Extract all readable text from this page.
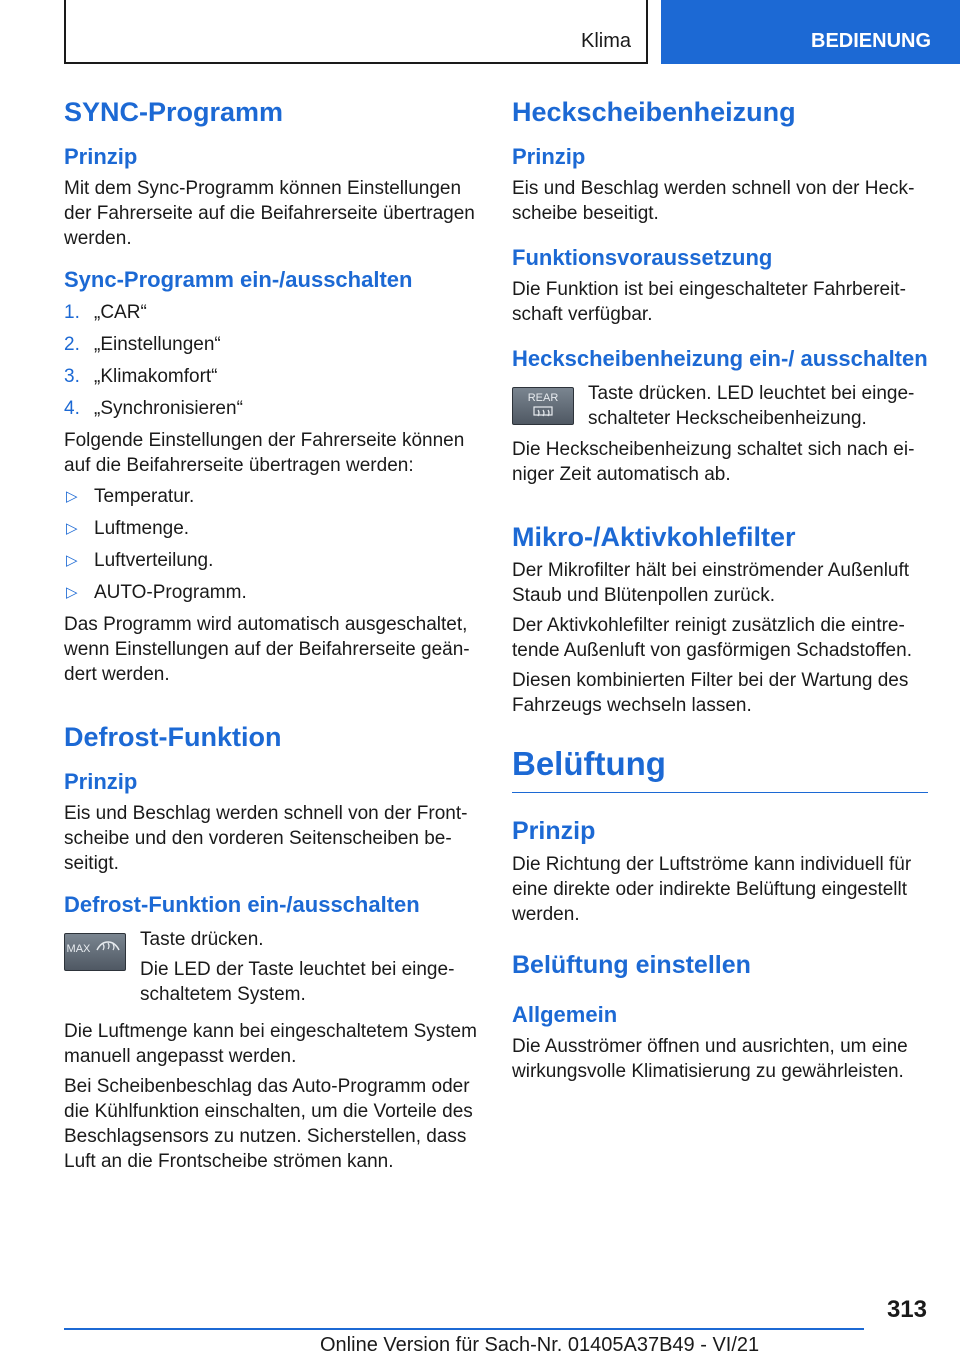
Klima	BEDIENUNG
SYNC-Programm
Prinzip

Mit dem Sync-Programm können Einstellungen der Fahrerseite auf die Beifahrerseite übertragen werden.

Sync-Programm ein-/ausschalten
1. „CAR“
2. „Einstellungen“
3. „Klimakomfort“
4. „Synchronisieren“

Folgende Einstellungen der Fahrerseite können auf die Beifahrerseite übertragen werden:

▷ Temperatur.
▷ Luftmenge.
▷ Luftverteilung.
▷ AUTO-Programm.

Das Programm wird automatisch ausgeschaltet, wenn Einstellungen auf der Beifahrerseite geändert werden.

Defrost-Funktion
Prinzip

Eis und Beschlag werden schnell von der Frontscheibe und den vorderen Seitenscheiben beseitigt.

Defrost-Funktion ein-/ausschalten
MAX	Taste drücken.

Die LED der Taste leuchtet bei eingeschaltetem System.

Die Luftmenge kann bei eingeschaltetem System manuell angepasst werden.

Bei Scheibenbeschlag das Auto-Programm oder die Kühlfunktion einschalten, um die Vorteile des Beschlagsensors zu nutzen. Sicherstellen, dass Luft an die Frontscheibe strömen kann.

Heckscheibenheizung
Prinzip

Eis und Beschlag werden schnell von der Heckscheibe beseitigt.

Funktionsvoraussetzung

Die Funktion ist bei eingeschalteter Fahrbereitschaft verfügbar.

Heckscheibenheizung ein-/ ausschalten
REAR	Taste drücken. LED leuchtet bei eingeschalteter Heckscheibenheizung.

Die Heckscheibenheizung schaltet sich nach einiger Zeit automatisch ab.

Mikro-/Aktivkohlefilter

Der Mikrofilter hält bei einströmender Außenluft Staub und Blütenpollen zurück.

Der Aktivkohlefilter reinigt zusätzlich die eintretende Außenluft von gasförmigen Schadstoffen.

Diesen kombinierten Filter bei der Wartung des Fahrzeugs wechseln lassen.

Belüftung
Prinzip

Die Richtung der Luftströme kann individuell für eine direkte oder indirekte Belüftung eingestellt werden.

Belüftung einstellen
Allgemein

Die Ausströmer öffnen und ausrichten, um eine wirkungsvolle Klimatisierung zu gewährleisten.

313
Online Version für Sach-Nr. 01405A37B49 - VI/21
